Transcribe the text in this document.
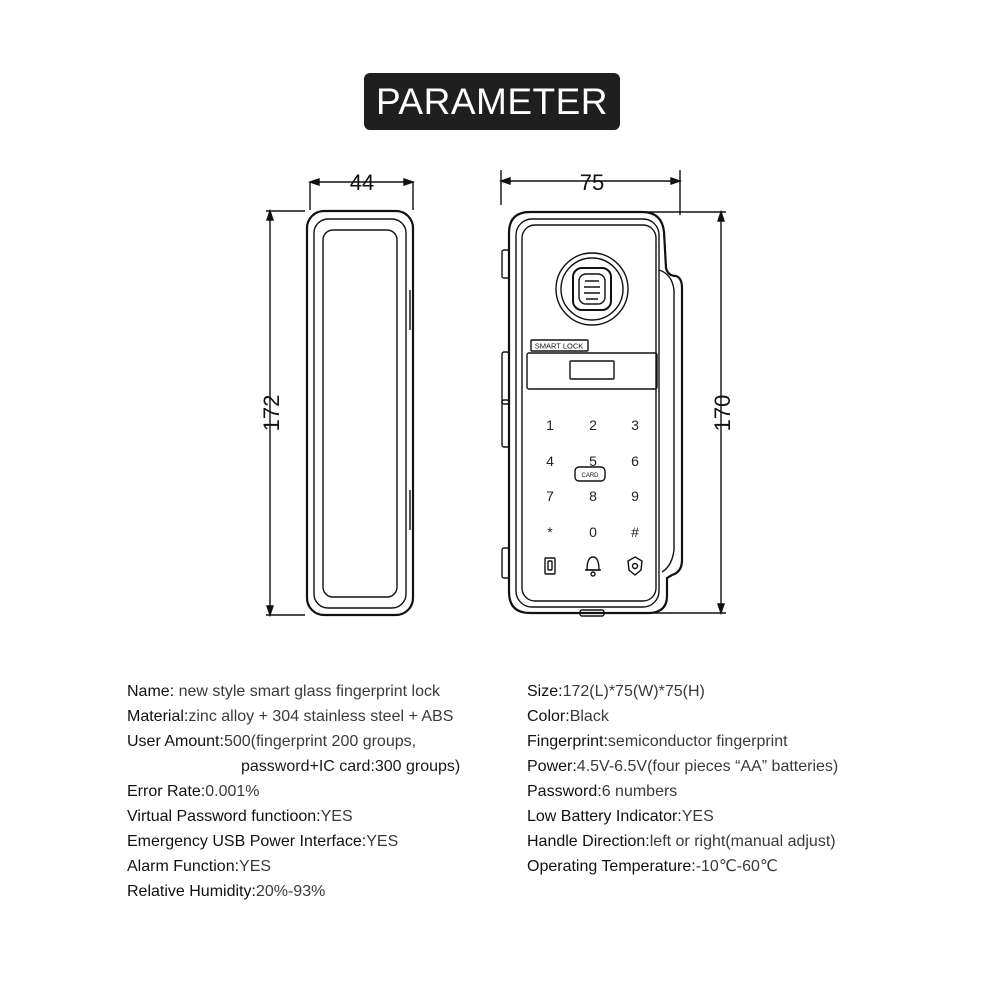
PARAMETER
44	75
172	170
SMART LOCK
CARD
1	2 3
4	5 6
7	8 9
*	0 #
Name: new style smart glass fingerprint lock
Material:zinc alloy + 304 stainless steel + ABS
User Amount:500(fingerprint 200 groups,
password+IC card:300 groups)
Error Rate:0.001%
Virtual Password functioon:YES
Emergency USB Power Interface:YES
Alarm Function:YES
Relative Humidity:20%-93%
Size:172(L)*75(W)*75(H)
Color:Black
Fingerprint:semiconductor fingerprint
Power:4.5V-6.5V(four pieces “AA” batteries)
Password:6 numbers
Low Battery Indicator:YES
Handle Direction:left or right(manual adjust)
Operating Temperature:-10℃-60℃
